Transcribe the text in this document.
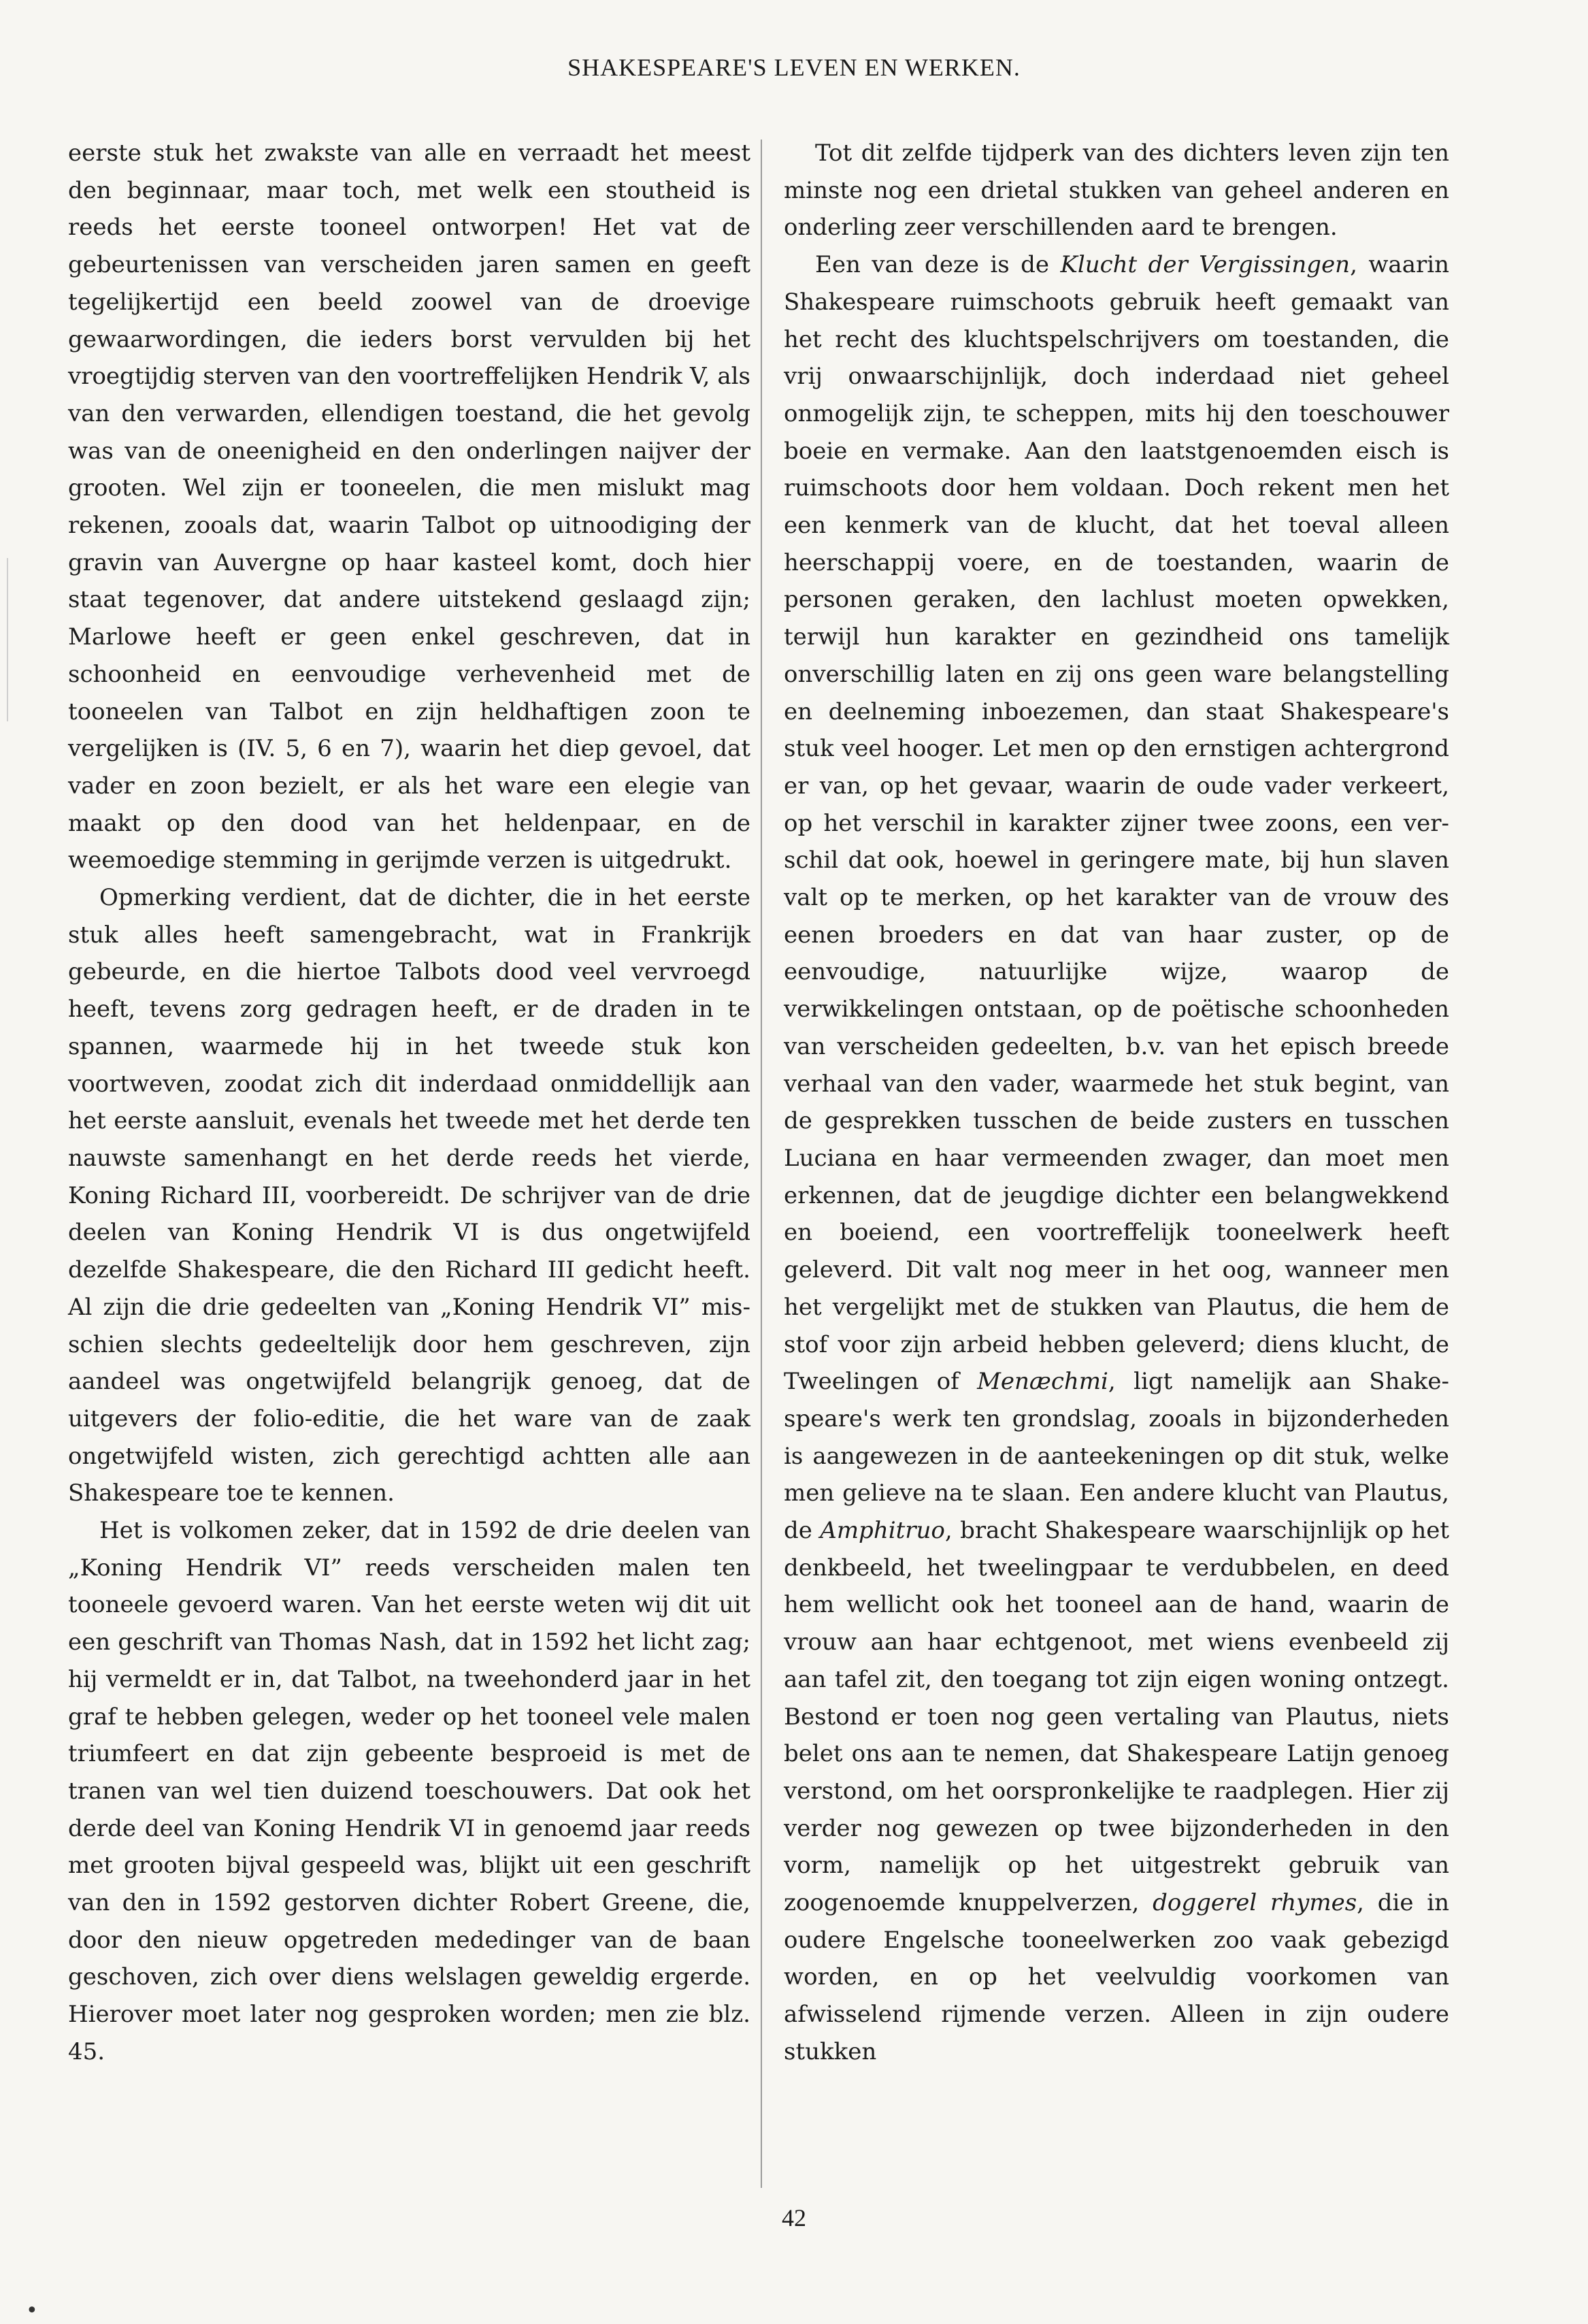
SHAKESPEARE'S LEVEN EN WERKEN.

eerste stuk het zwakste van alle en verraadt het meest den beginnaar, maar toch, met welk een stoutheid is reeds het eerste tooneel ontworpen! Het vat de gebeurtenissen van verscheiden jaren samen en geeft tegelijkertijd een beeld zoowel van de droevige gewaarwordingen, die ieders borst vervulden bij het vroegtijdig sterven van den voortreffelijken Hendrik V, als van den verwarden, ellendigen toestand, die het gevolg was van de oneenigheid en den onderlingen naijver der grooten. Wel zijn er tooneelen, die men mislukt mag rekenen, zooals dat, waarin Talbot op uitnoodiging der gravin van Auvergne op haar kasteel komt, doch hier staat tegenover, dat andere uitstekend geslaagd zijn; Marlowe heeft er geen enkel geschreven, dat in schoonheid en eenvoudige verhevenheid met de tooneelen van Talbot en zijn heldhaftigen zoon te vergelijken is (IV. 5, 6 en 7), waarin het diep gevoel, dat vader en zoon bezielt, er als het ware een elegie van maakt op den dood van het heldenpaar, en de weemoedige stemming in gerijmde verzen is uitgedrukt.

Opmerking verdient, dat de dichter, die in het eerste stuk alles heeft samengebracht, wat in Frankrijk gebeurde, en die hiertoe Talbots dood veel vervroegd heeft, tevens zorg gedragen heeft, er de draden in te spannen, waarmede hij in het tweede stuk kon voortweven, zoodat zich dit inderdaad onmiddellijk aan het eerste aansluit, evenals het tweede met het derde ten nauwste samenhangt en het derde reeds het vierde, Koning Richard III, voorbereidt. De schrijver van de drie deelen van Koning Hendrik VI is dus ongetwijfeld dezelfde Shakespeare, die den Richard III gedicht heeft. Al zijn die drie gedeelten van „Koning Hendrik VI” misschien slechts gedeeltelijk door hem geschreven, zijn aandeel was ongetwijfeld belangrijk genoeg, dat de uitgevers der folio-editie, die het ware van de zaak ongetwijfeld wisten, zich gerechtigd achtten alle aan Shakespeare toe te kennen.

Het is volkomen zeker, dat in 1592 de drie deelen van „Koning Hendrik VI” reeds verscheiden malen ten tooneele gevoerd waren. Van het eerste weten wij dit uit een geschrift van Thomas Nash, dat in 1592 het licht zag; hij vermeldt er in, dat Talbot, na tweehonderd jaar in het graf te hebben gelegen, weder op het tooneel vele malen triumfeert en dat zijn gebeente besproeid is met de tranen van wel tien duizend toeschouwers. Dat ook het derde deel van Koning Hendrik VI in genoemd jaar reeds met grooten bijval gespeeld was, blijkt uit een geschrift van den in 1592 gestorven dichter Robert Greene, die, door den nieuw opgetreden mededinger van de baan geschoven, zich over diens welslagen geweldig ergerde. Hierover moet later nog gesproken worden; men zie blz. 45.

Tot dit zelfde tijdperk van des dichters leven zijn ten minste nog een drietal stukken van geheel anderen en onderling zeer verschillenden aard te brengen.

Een van deze is de Klucht der Vergissingen, waarin Shakespeare ruimschoots gebruik heeft gemaakt van het recht des kluchtspelschrijvers om toestanden, die vrij onwaarschijnlijk, doch inderdaad niet geheel onmogelijk zijn, te scheppen, mits hij den toeschouwer boeie en vermake. Aan den laatstgenoemden eisch is ruimschoots door hem voldaan. Doch rekent men het een kenmerk van de klucht, dat het toeval alleen heerschappij voere, en de toestanden, waarin de personen geraken, den lachlust moeten opwekken, terwijl hun karakter en gezindheid ons tamelijk onverschillig laten en zij ons geen ware belangstelling en deelneming inboezemen, dan staat Shakespeare's stuk veel hooger. Let men op den ernstigen achtergrond er van, op het gevaar, waarin de oude vader verkeert, op het verschil in karakter zijner twee zoons, een verschil dat ook, hoewel in geringere mate, bij hun slaven valt op te merken, op het karakter van de vrouw des eenen broeders en dat van haar zuster, op de eenvoudige, natuurlijke wijze, waarop de verwikkelingen ontstaan, op de poëtische schoonheden van verscheiden gedeelten, b.v. van het episch breede verhaal van den vader, waarmede het stuk begint, van de gesprekken tusschen de beide zusters en tusschen Luciana en haar vermeenden zwager, dan moet men erkennen, dat de jeugdige dichter een belangwekkend en boeiend, een voortreffelijk tooneelwerk heeft geleverd. Dit valt nog meer in het oog, wanneer men het vergelijkt met de stukken van Plautus, die hem de stof voor zijn arbeid hebben geleverd; diens klucht, de Tweelingen of Menæchmi, ligt namelijk aan Shakespeare's werk ten grondslag, zooals in bijzonderheden is aangewezen in de aanteekeningen op dit stuk, welke men gelieve na te slaan. Een andere klucht van Plautus, de Amphitruo, bracht Shakespeare waarschijnlijk op het denkbeeld, het tweelingpaar te verdubbelen, en deed hem wellicht ook het tooneel aan de hand, waarin de vrouw aan haar echtgenoot, met wiens evenbeeld zij aan tafel zit, den toegang tot zijn eigen woning ontzegt. Bestond er toen nog geen vertaling van Plautus, niets belet ons aan te nemen, dat Shakespeare Latijn genoeg verstond, om het oorspronkelijke te raadplegen. Hier zij verder nog gewezen op twee bijzonderheden in den vorm, namelijk op het uitgestrekt gebruik van zoogenoemde knuppelverzen, doggerel rhymes, die in oudere Engelsche tooneelwerken zoo vaak gebezigd worden, en op het veelvuldig voorkomen van afwisselend rijmende verzen. Alleen in zijn oudere stukken

42
•
